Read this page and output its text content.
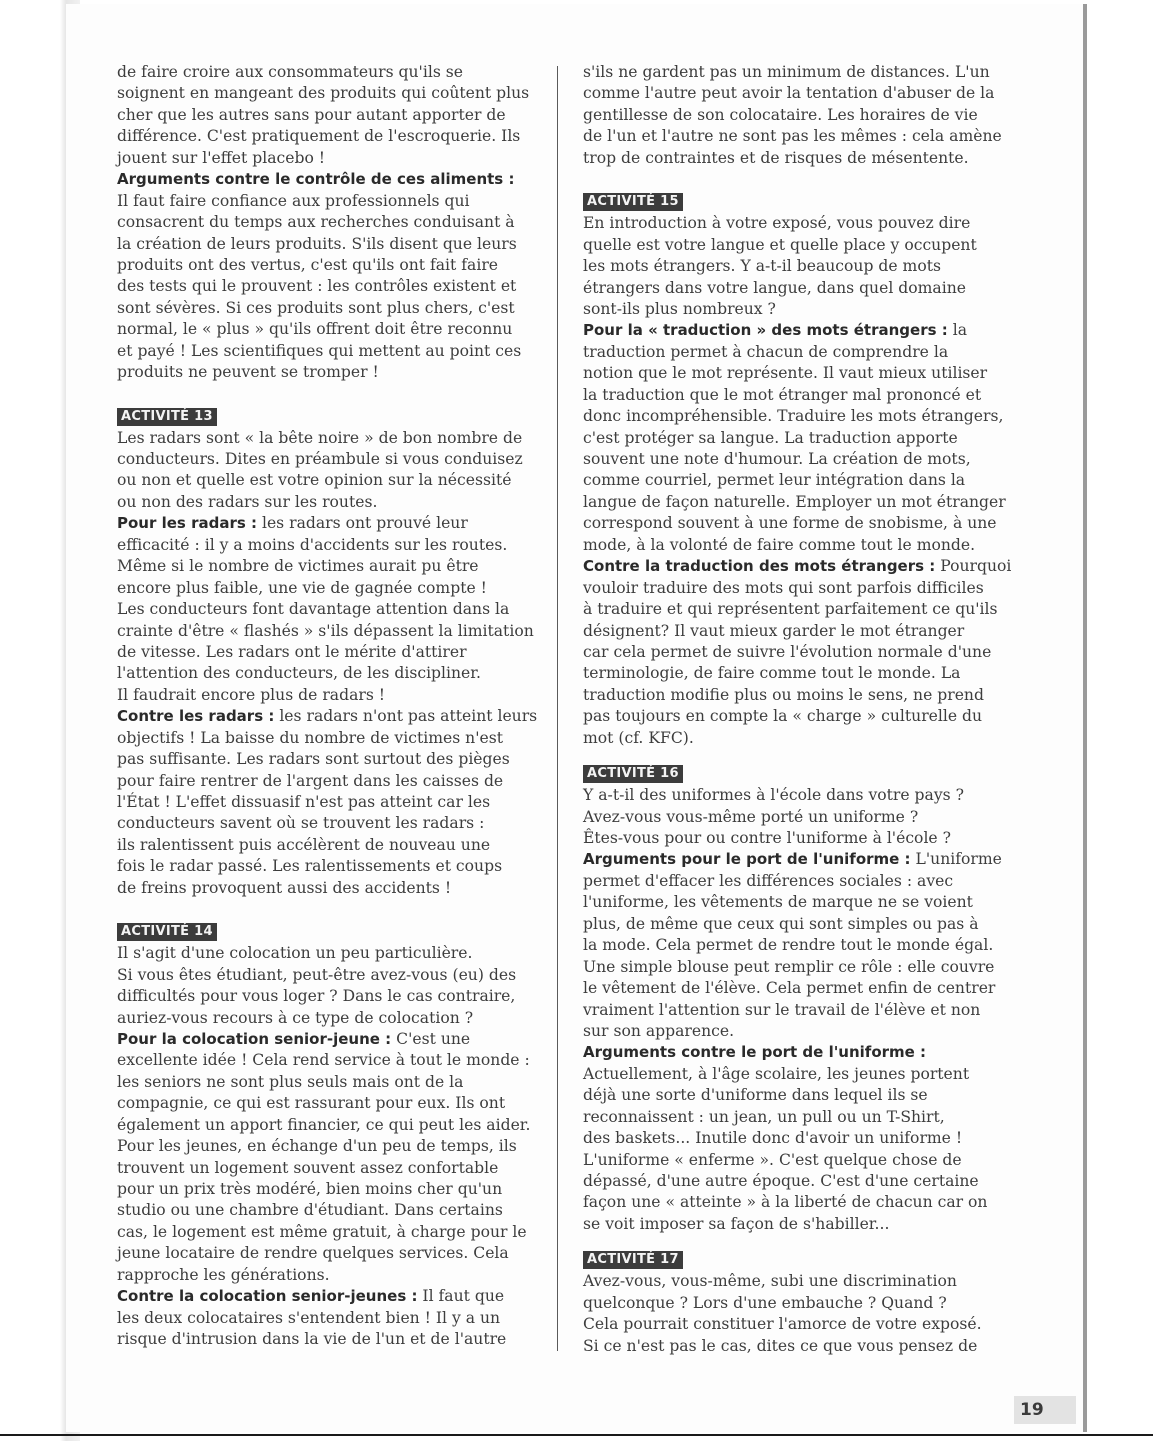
de faire croire aux consommateurs qu'ils se
soignent en mangeant des produits qui coûtent plus
cher que les autres sans pour autant apporter de
différence. C'est pratiquement de l'escroquerie. Ils
jouent sur l'effet placebo !
Arguments contre le contrôle de ces aliments :
Il faut faire confiance aux professionnels qui
consacrent du temps aux recherches conduisant à
la création de leurs produits. S'ils disent que leurs
produits ont des vertus, c'est qu'ils ont fait faire
des tests qui le prouvent : les contrôles existent et
sont sévères. Si ces produits sont plus chers, c'est
normal, le « plus » qu'ils offrent doit être reconnu
et payé ! Les scientifiques qui mettent au point ces
produits ne peuvent se tromper !
ACTIVITÉ 13
Les radars sont « la bête noire » de bon nombre de
conducteurs. Dites en préambule si vous conduisez
ou non et quelle est votre opinion sur la nécessité
ou non des radars sur les routes.
Pour les radars : les radars ont prouvé leur
efficacité : il y a moins d'accidents sur les routes.
Même si le nombre de victimes aurait pu être
encore plus faible, une vie de gagnée compte !
Les conducteurs font davantage attention dans la
crainte d'être « flashés » s'ils dépassent la limitation
de vitesse. Les radars ont le mérite d'attirer
l'attention des conducteurs, de les discipliner.
Il faudrait encore plus de radars !
Contre les radars : les radars n'ont pas atteint leurs
objectifs ! La baisse du nombre de victimes n'est
pas suffisante. Les radars sont surtout des pièges
pour faire rentrer de l'argent dans les caisses de
l'État ! L'effet dissuasif n'est pas atteint car les
conducteurs savent où se trouvent les radars :
ils ralentissent puis accélèrent de nouveau une
fois le radar passé. Les ralentissements et coups
de freins provoquent aussi des accidents !
ACTIVITÉ 14
Il s'agit d'une colocation un peu particulière.
Si vous êtes étudiant, peut-être avez-vous (eu) des
difficultés pour vous loger ? Dans le cas contraire,
auriez-vous recours à ce type de colocation ?
Pour la colocation senior-jeune : C'est une
excellente idée ! Cela rend service à tout le monde :
les seniors ne sont plus seuls mais ont de la
compagnie, ce qui est rassurant pour eux. Ils ont
également un apport financier, ce qui peut les aider.
Pour les jeunes, en échange d'un peu de temps, ils
trouvent un logement souvent assez confortable
pour un prix très modéré, bien moins cher qu'un
studio ou une chambre d'étudiant. Dans certains
cas, le logement est même gratuit, à charge pour le
jeune locataire de rendre quelques services. Cela
rapproche les générations.
Contre la colocation senior-jeunes : Il faut que
les deux colocataires s'entendent bien ! Il y a un
risque d'intrusion dans la vie de l'un et de l'autre
s'ils ne gardent pas un minimum de distances. L'un
comme l'autre peut avoir la tentation d'abuser de la
gentillesse de son colocataire. Les horaires de vie
de l'un et l'autre ne sont pas les mêmes : cela amène
trop de contraintes et de risques de mésentente.
ACTIVITÉ 15
En introduction à votre exposé, vous pouvez dire
quelle est votre langue et quelle place y occupent
les mots étrangers. Y a-t-il beaucoup de mots
étrangers dans votre langue, dans quel domaine
sont-ils plus nombreux ?
Pour la « traduction » des mots étrangers : la
traduction permet à chacun de comprendre la
notion que le mot représente. Il vaut mieux utiliser
la traduction que le mot étranger mal prononcé et
donc incompréhensible. Traduire les mots étrangers,
c'est protéger sa langue. La traduction apporte
souvent une note d'humour. La création de mots,
comme courriel, permet leur intégration dans la
langue de façon naturelle. Employer un mot étranger
correspond souvent à une forme de snobisme, à une
mode, à la volonté de faire comme tout le monde.
Contre la traduction des mots étrangers : Pourquoi
vouloir traduire des mots qui sont parfois difficiles
à traduire et qui représentent parfaitement ce qu'ils
désignent? Il vaut mieux garder le mot étranger
car cela permet de suivre l'évolution normale d'une
terminologie, de faire comme tout le monde. La
traduction modifie plus ou moins le sens, ne prend
pas toujours en compte la « charge » culturelle du
mot (cf. KFC).
ACTIVITÉ 16
Y a-t-il des uniformes à l'école dans votre pays ?
Avez-vous vous-même porté un uniforme ?
Êtes-vous pour ou contre l'uniforme à l'école ?
Arguments pour le port de l'uniforme : L'uniforme
permet d'effacer les différences sociales : avec
l'uniforme, les vêtements de marque ne se voient
plus, de même que ceux qui sont simples ou pas à
la mode. Cela permet de rendre tout le monde égal.
Une simple blouse peut remplir ce rôle : elle couvre
le vêtement de l'élève. Cela permet enfin de centrer
vraiment l'attention sur le travail de l'élève et non
sur son apparence.
Arguments contre le port de l'uniforme :
Actuellement, à l'âge scolaire, les jeunes portent
déjà une sorte d'uniforme dans lequel ils se
reconnaissent : un jean, un pull ou un T-Shirt,
des baskets... Inutile donc d'avoir un uniforme !
L'uniforme « enferme ». C'est quelque chose de
dépassé, d'une autre époque. C'est d'une certaine
façon une « atteinte » à la liberté de chacun car on
se voit imposer sa façon de s'habiller...
ACTIVITÉ 17
Avez-vous, vous-même, subi une discrimination
quelconque ? Lors d'une embauche ? Quand ?
Cela pourrait constituer l'amorce de votre exposé.
Si ce n'est pas le cas, dites ce que vous pensez de
19
